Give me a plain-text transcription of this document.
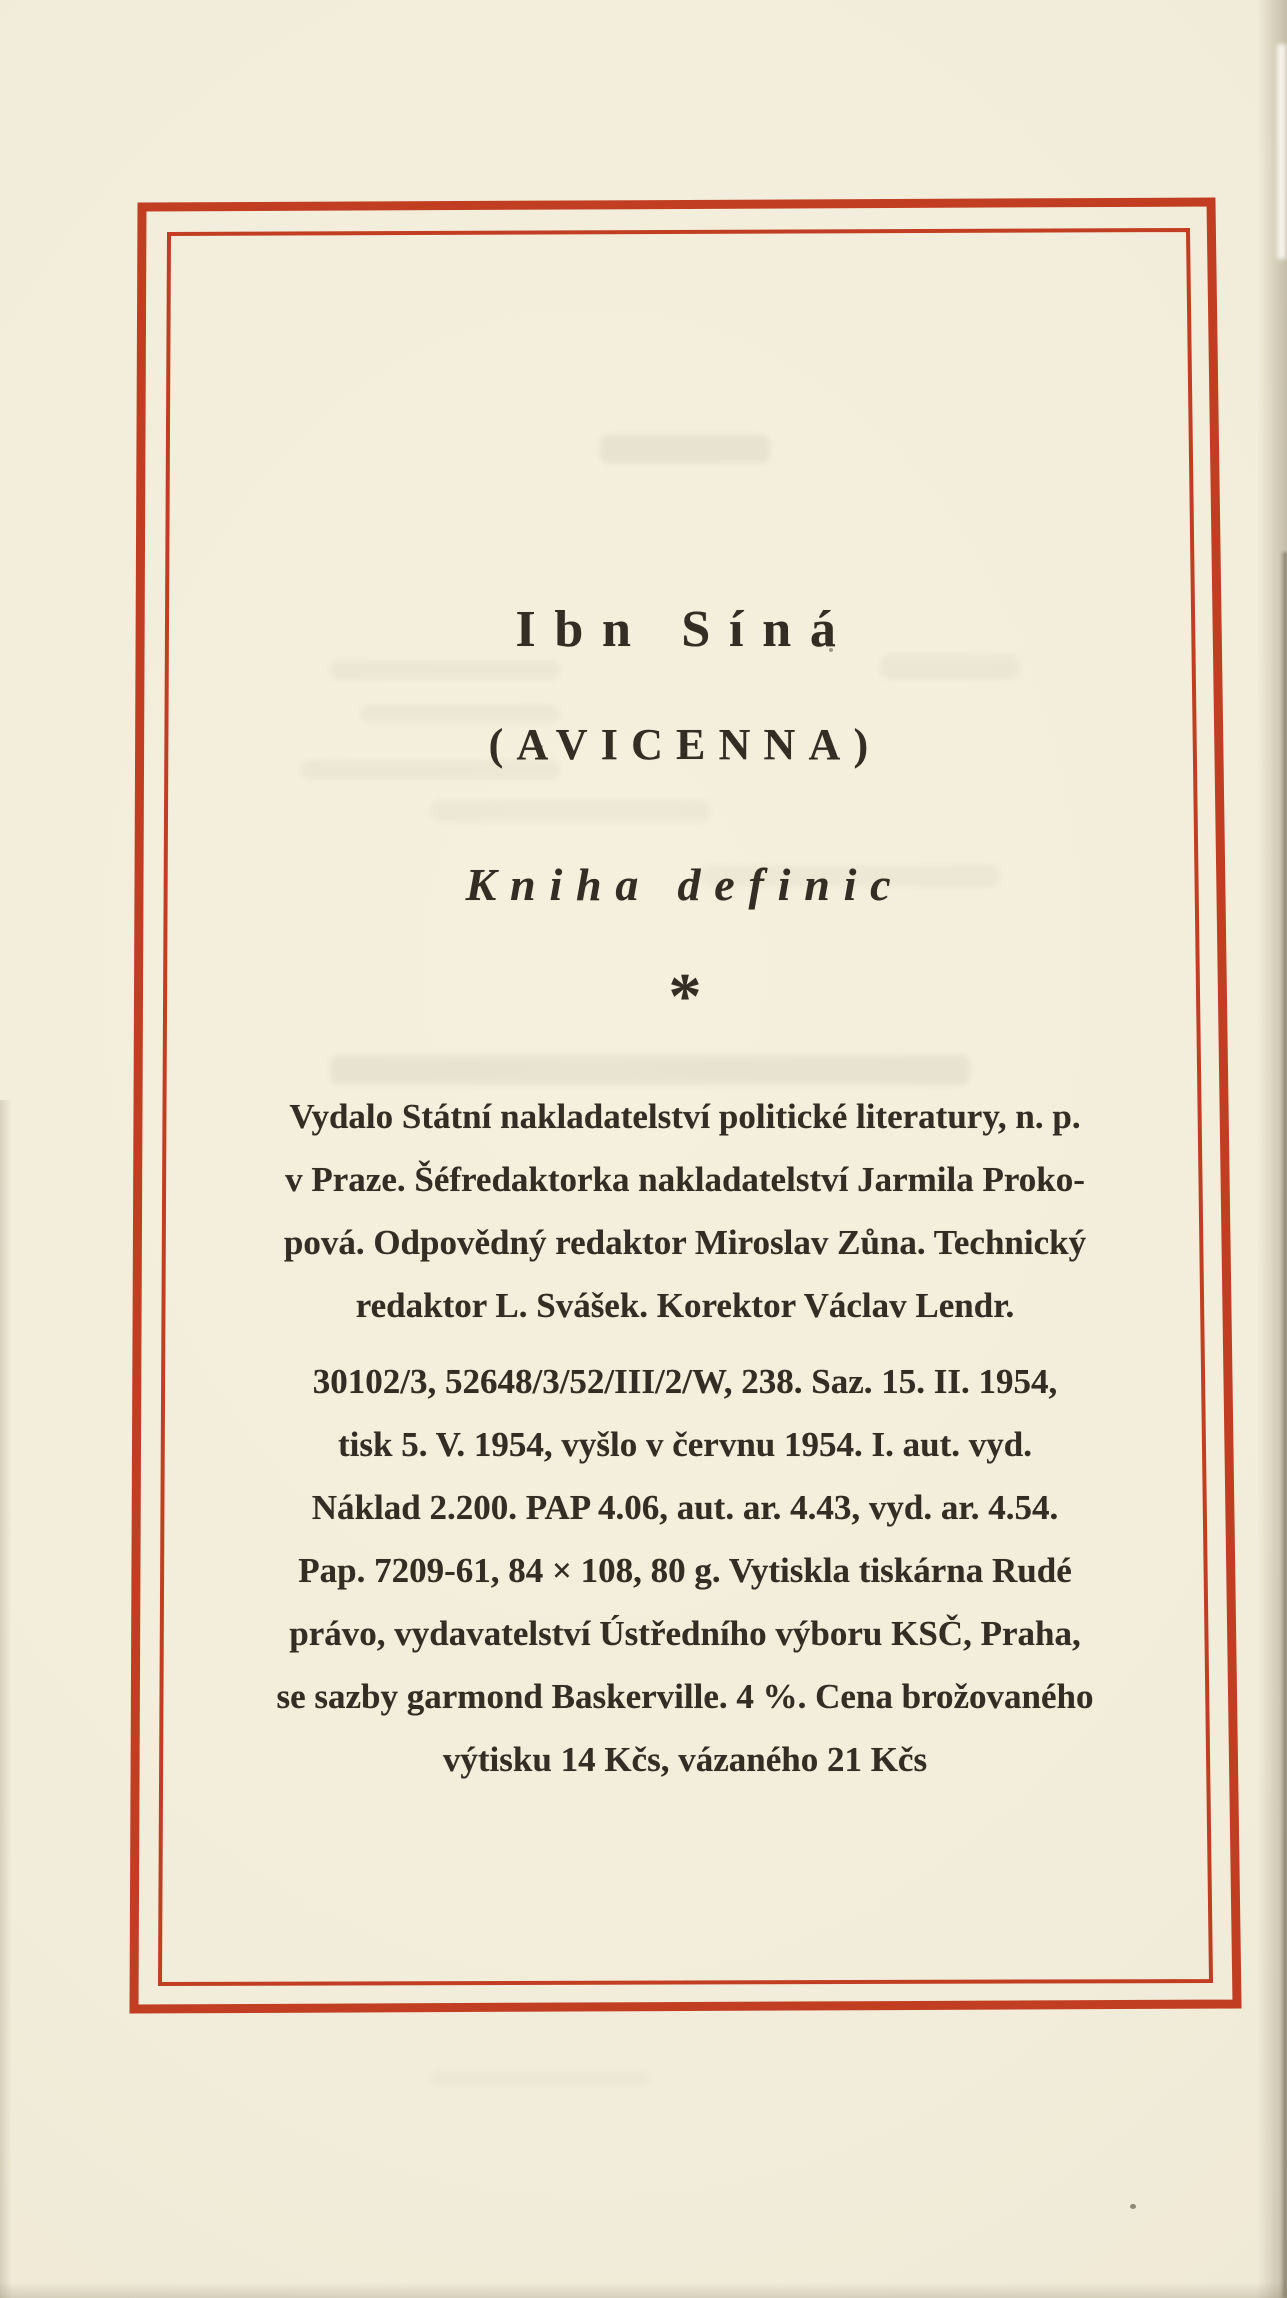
Ibn Síná
(AVICENNA)
Kniha definic
*
Vydalo Státní nakladatelství politické literatury, n. p.
v Praze. Šéfredaktorka nakladatelství Jarmila Proko-
pová. Odpovědný redaktor Miroslav Zůna. Technický
redaktor L. Svášek. Korektor Václav Lendr.
30102/3, 52648/3/52/III/2/W, 238. Saz. 15. II. 1954,
tisk 5. V. 1954, vyšlo v červnu 1954. I. aut. vyd.
Náklad 2.200. PAP 4.06, aut. ar. 4.43, vyd. ar. 4.54.
Pap. 7209-61, 84 × 108, 80 g. Vytiskla tiskárna Rudé
právo, vydavatelství Ústředního výboru KSČ, Praha,
se sazby garmond Baskerville. 4 %. Cena brožovaného
výtisku 14 Kčs, vázaného 21 Kčs
